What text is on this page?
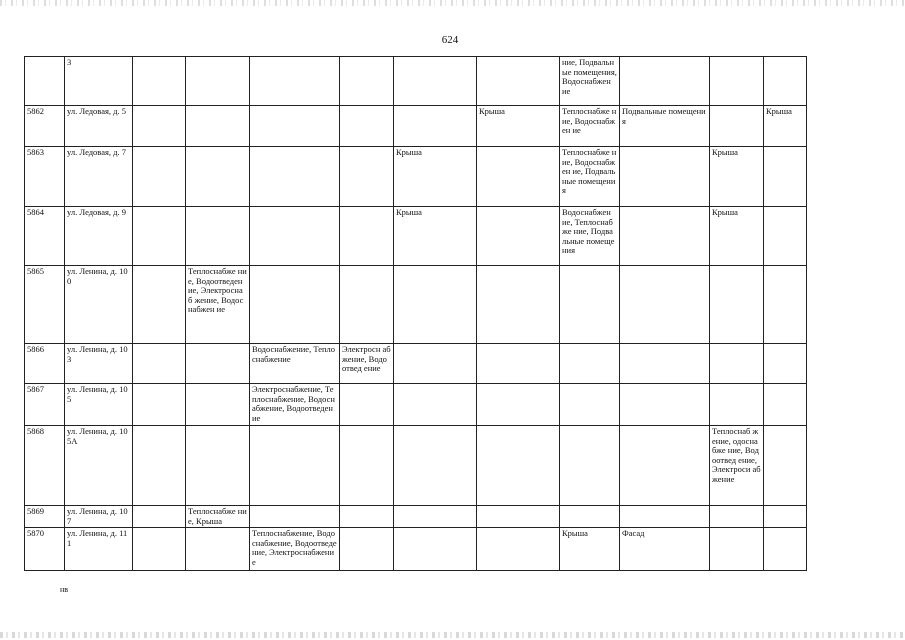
624
	3							ние, Подвальные помещения, Водоснабжен ие			
5862	ул. Ледовая, д. 5						Крыша	Теплоснабже ние, Водоснабжен ие	Подвальные помещения		Крыша
5863	ул. Ледовая, д. 7					Крыша		Теплоснабже ние, Водоснабжен ие, Подвальные помещения		Крыша	
5864	ул. Ледовая, д. 9					Крыша		Водоснабжен ие, Теплоснабже ние, Подвальные помещения		Крыша	
5865	ул. Ленина, д. 100		Теплоснабже ние, Водоотведен ие, Электроснаб жение, Водоснабжен ие								
5866	ул. Ленина, д. 103			Водоснабжение, Теплоснабжение	Электросн абжение, Водоотвед ение						
5867	ул. Ленина, д. 105			Электроснабжение, Теплоснабжение, Водоснабжение, Водоотведение							
5868	ул. Ленина, д. 105А									Теплоснаб жение, одоснабже ние, Водоотвед ение, Электроси абжение	
5869	ул. Ленина, д. 107		Теплоснабже ние, Крыша								
5870	ул. Ленина, д. 111			Теплоснабжение, Водоснабжение, Водоотведение, Электроснабжение				Крыша	Фасад		
нв
